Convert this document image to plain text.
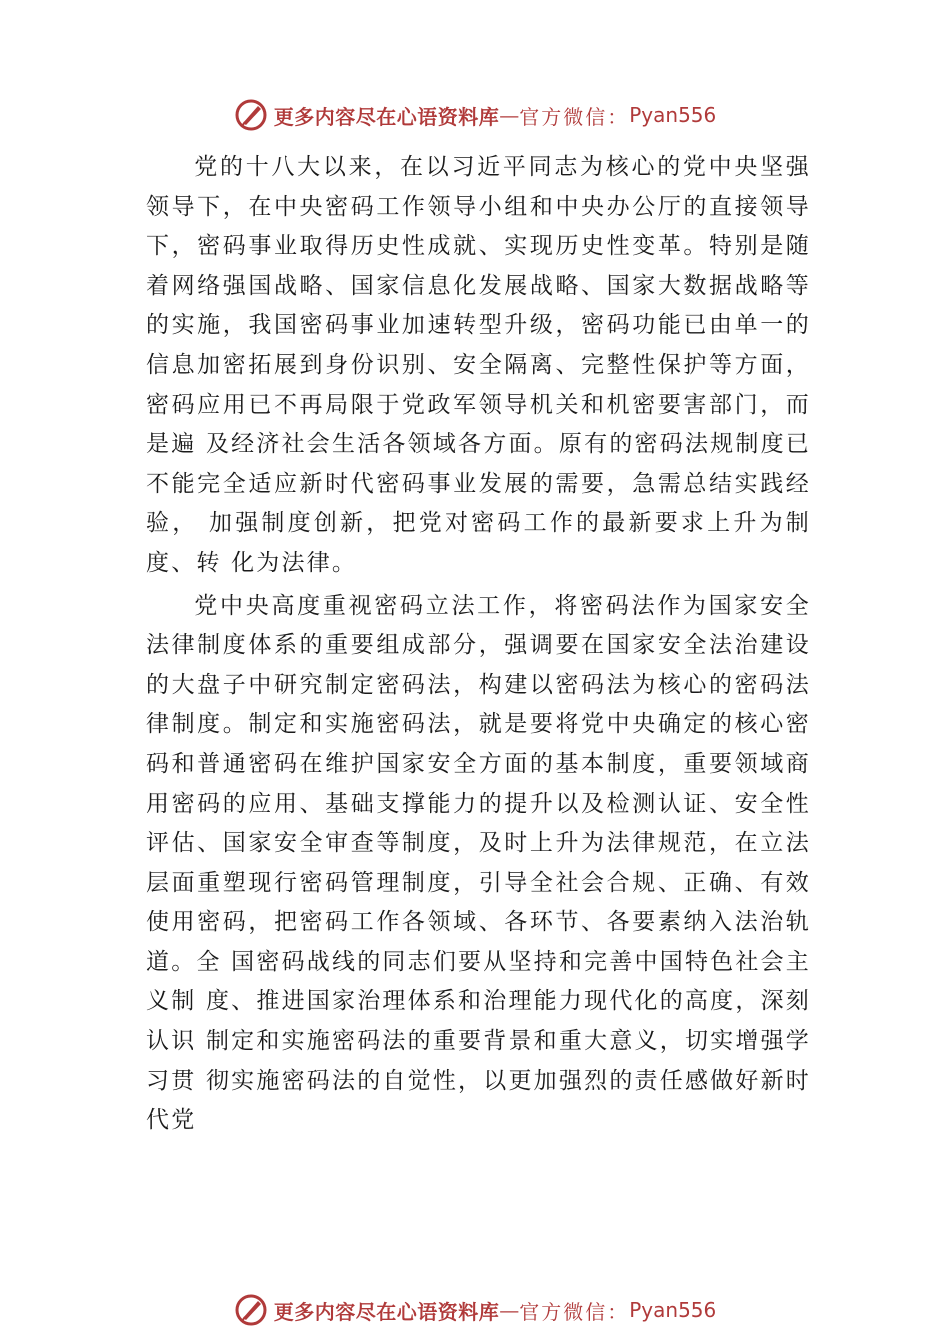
更多内容尽在心语资料库 — 官方微信： Pyan556

党的十八大以来，在以习近平同志为核心的党中央坚强领导下，在中央密码工作领导小组和中央办公厅的直接领导 下，密码事业取得历史性成就、实现历史性变革。特别是随着网络强国战略、国家信息化发展战略、国家大数据战略等的实施，我国密码事业加速转型升级，密码功能已由单一的信息加密拓展到身份识别、安全隔离、完整性保护等方面，密码应用已不再局限于党政军领导机关和机密要害部门，而是遍 及经济社会生活各领域各方面。原有的密码法规制度已不能完全适应新时代密码事业发展的需要，急需总结实践经验， 加强制度创新，把党对密码工作的最新要求上升为制度、转 化为法律。

党中央高度重视密码立法工作，将密码法作为国家安全法律制度体系的重要组成部分，强调要在国家安全法治建设 的大盘子中研究制定密码法，构建以密码法为核心的密码法 律制度。制定和实施密码法，就是要将党中央确定的核心密 码和普通密码在维护国家安全方面的基本制度，重要领域商 用密码的应用、基础支撑能力的提升以及检测认证、安全性评估、国家安全审查等制度，及时上升为法律规范，在立法层面重塑现行密码管理制度，引导全社会合规、正确、有效使用密码，把密码工作各领域、各环节、各要素纳入法治轨道。全 国密码战线的同志们要从坚持和完善中国特色社会主义制 度、推进国家治理体系和治理能力现代化的高度，深刻认识 制定和实施密码法的重要背景和重大意义，切实增强学习贯 彻实施密码法的自觉性，以更加强烈的责任感做好新时代党

更多内容尽在心语资料库 — 官方微信： Pyan556
